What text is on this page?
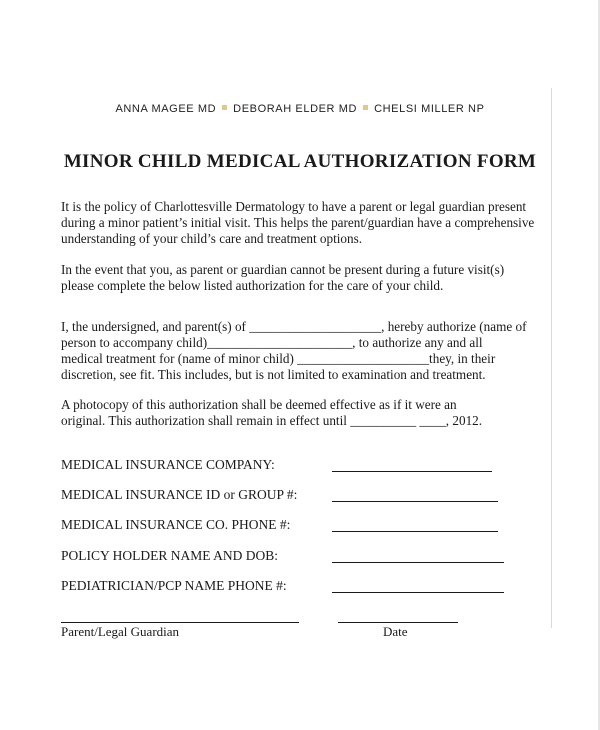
ANNA MAGEE MD DEBORAH ELDER MD CHELSI MILLER NP
MINOR CHILD MEDICAL AUTHORIZATION FORM

It is the policy of Charlottesville Dermatology to have a parent or legal guardian present
during a minor patient’s initial visit. This helps the parent/guardian have a comprehensive
understanding of your child’s care and treatment options.

In the event that you, as parent or guardian cannot be present during a future visit(s)
please complete the below listed authorization for the care of your child.

I, the undersigned, and parent(s) of ____________________, hereby authorize (name of
person to accompany child)______________________, to authorize any and all
medical treatment for (name of minor child) ____________________they, in their
discretion, see fit. This includes, but is not limited to examination and treatment.

A photocopy of this authorization shall be deemed effective as if it were an
original. This authorization shall remain in effect until __________ ____, 2012.

MEDICAL INSURANCE COMPANY:
MEDICAL INSURANCE ID or GROUP #:
MEDICAL INSURANCE CO. PHONE #:
POLICY HOLDER NAME AND DOB:
PEDIATRICIAN/PCP NAME PHONE #:
Parent/Legal Guardian	Date
